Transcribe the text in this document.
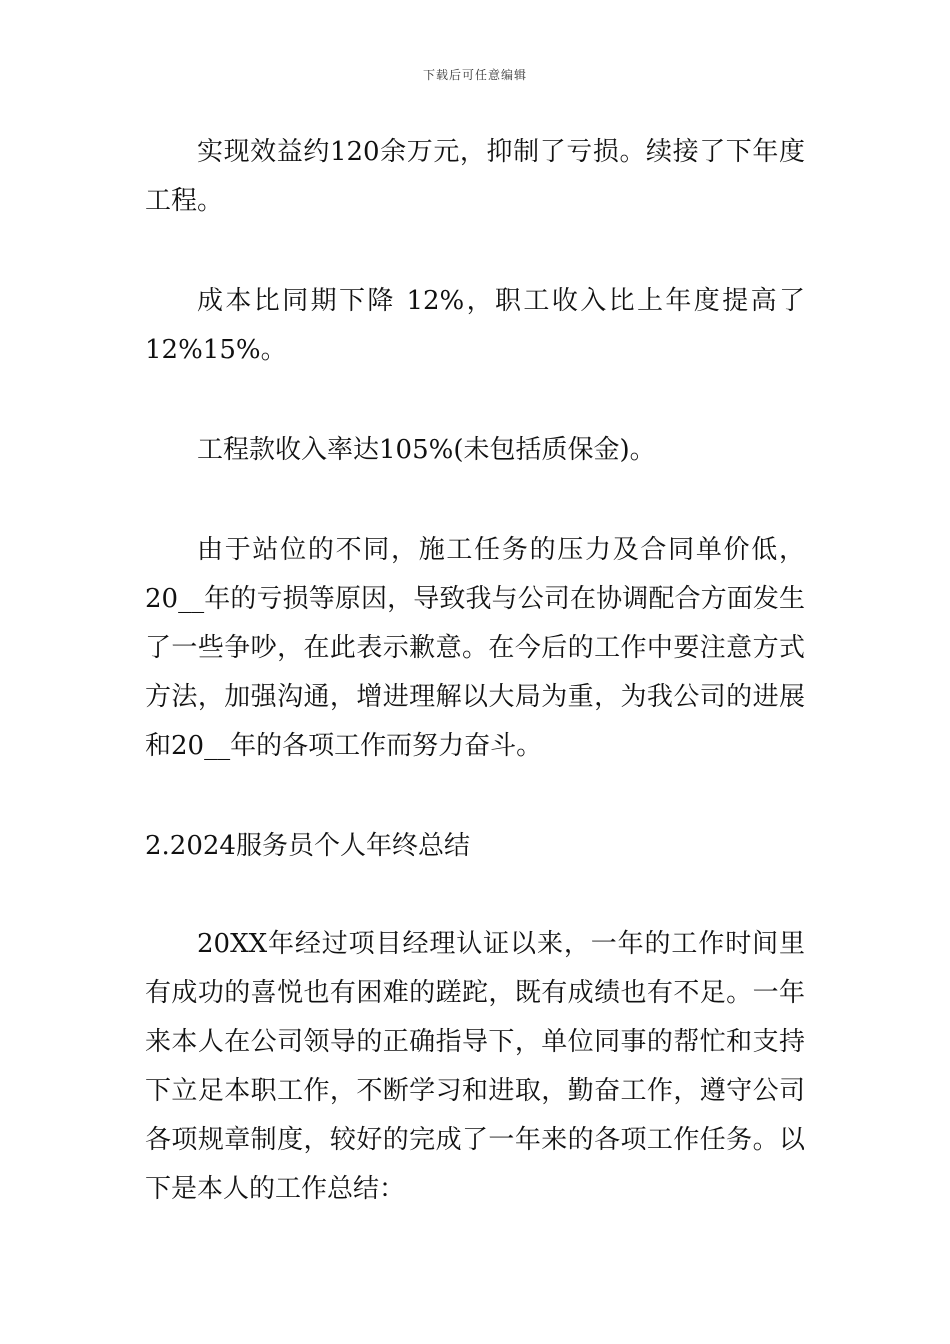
下载后可任意编辑

实现效益约120余万元，抑制了亏损。续接了下年度工程。

成本比同期下降 12%，职工收入比上年度提高了12%15%。

工程款收入率达105%(未包括质保金)。

由于站位的不同，施工任务的压力及合同单价低，20__年的亏损等原因，导致我与公司在协调配合方面发生了一些争吵，在此表示歉意。在今后的工作中要注意方式方法，加强沟通，增进理解以大局为重，为我公司的进展和20__年的各项工作而努力奋斗。

2.2024服务员个人年终总结

20XX年经过项目经理认证以来，一年的工作时间里有成功的喜悦也有困难的蹉跎，既有成绩也有不足。一年来本人在公司领导的正确指导下，单位同事的帮忙和支持下立足本职工作，不断学习和进取，勤奋工作，遵守公司各项规章制度，较好的完成了一年来的各项工作任务。以下是本人的工作总结：
